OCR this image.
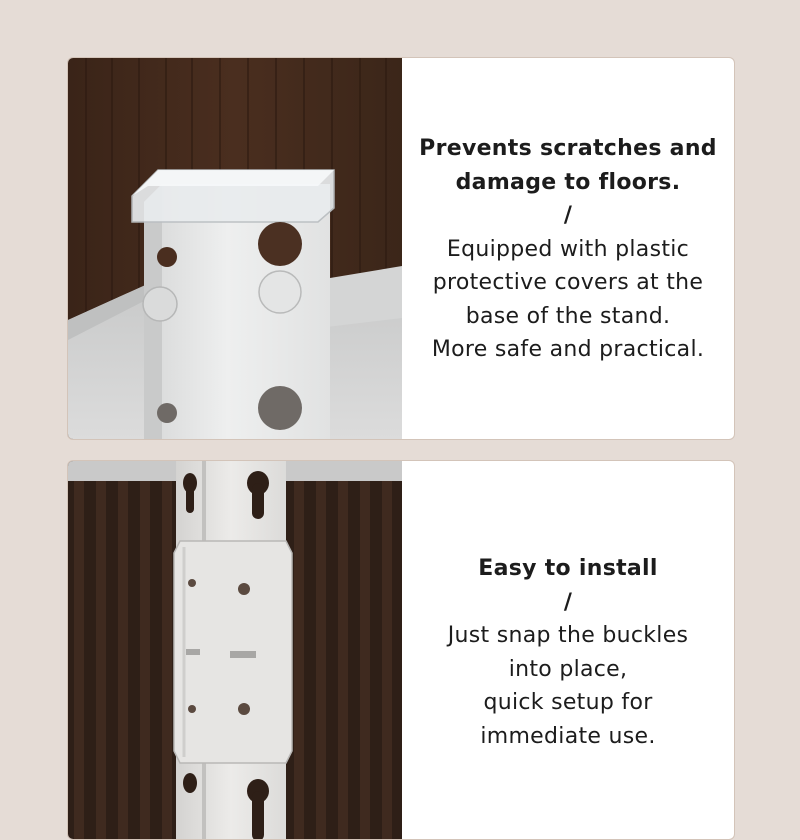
Prevents scratches and
damage to floors.
/
Equipped with plastic
protective covers at the
base of the stand.
More safe and practical.
Easy to install
/
Just snap the buckles
into place,
quick setup for
immediate use.
